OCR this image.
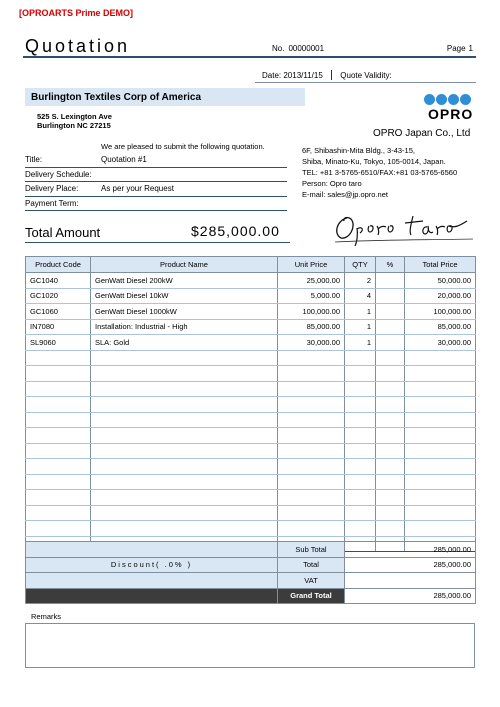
[OPROARTS Prime DEMO]
Quotation	No. 00000001	Page 1
Date: 2013/11/15 Quote Validity:
Burlington Textiles Corp of America
525 S. Lexington Ave
Burlington NC 27215
OPRO
OPRO Japan Co., Ltd
6F, Shibashin-Mita Bldg., 3-43-15,
Shiba, Minato-Ku, Tokyo, 105-0014, Japan.
TEL: +81 3-5765-6510/FAX:+81 03-5765-6560
Person: Opro taro
E-mail: sales@jp.opro.net
We are pleased to submit the following quotation.
Title:	Quotation #1
Delivery Schedule:
Delivery Place:	As per your Request
Payment Term:
Total Amount	$285,000.00
Product Code	Product Name	Unit Price	QTY	%	Total Price
GC1040	GenWatt Diesel 200kW	25,000.00	2		50,000.00
GC1020	GenWatt Diesel 10kW	5,000.00	4		20,000.00
GC1060	GenWatt Diesel 1000kW	100,000.00	1		100,000.00
IN7080	Installation: Industrial - High	85,000.00	1		85,000.00
SL9060	SLA: Gold	30,000.00	1		30,000.00

	Sub Total	285,000.00
Discount( .0% )	Total	285,000.00
	VAT	
	Grand Total	285,000.00
Remarks
